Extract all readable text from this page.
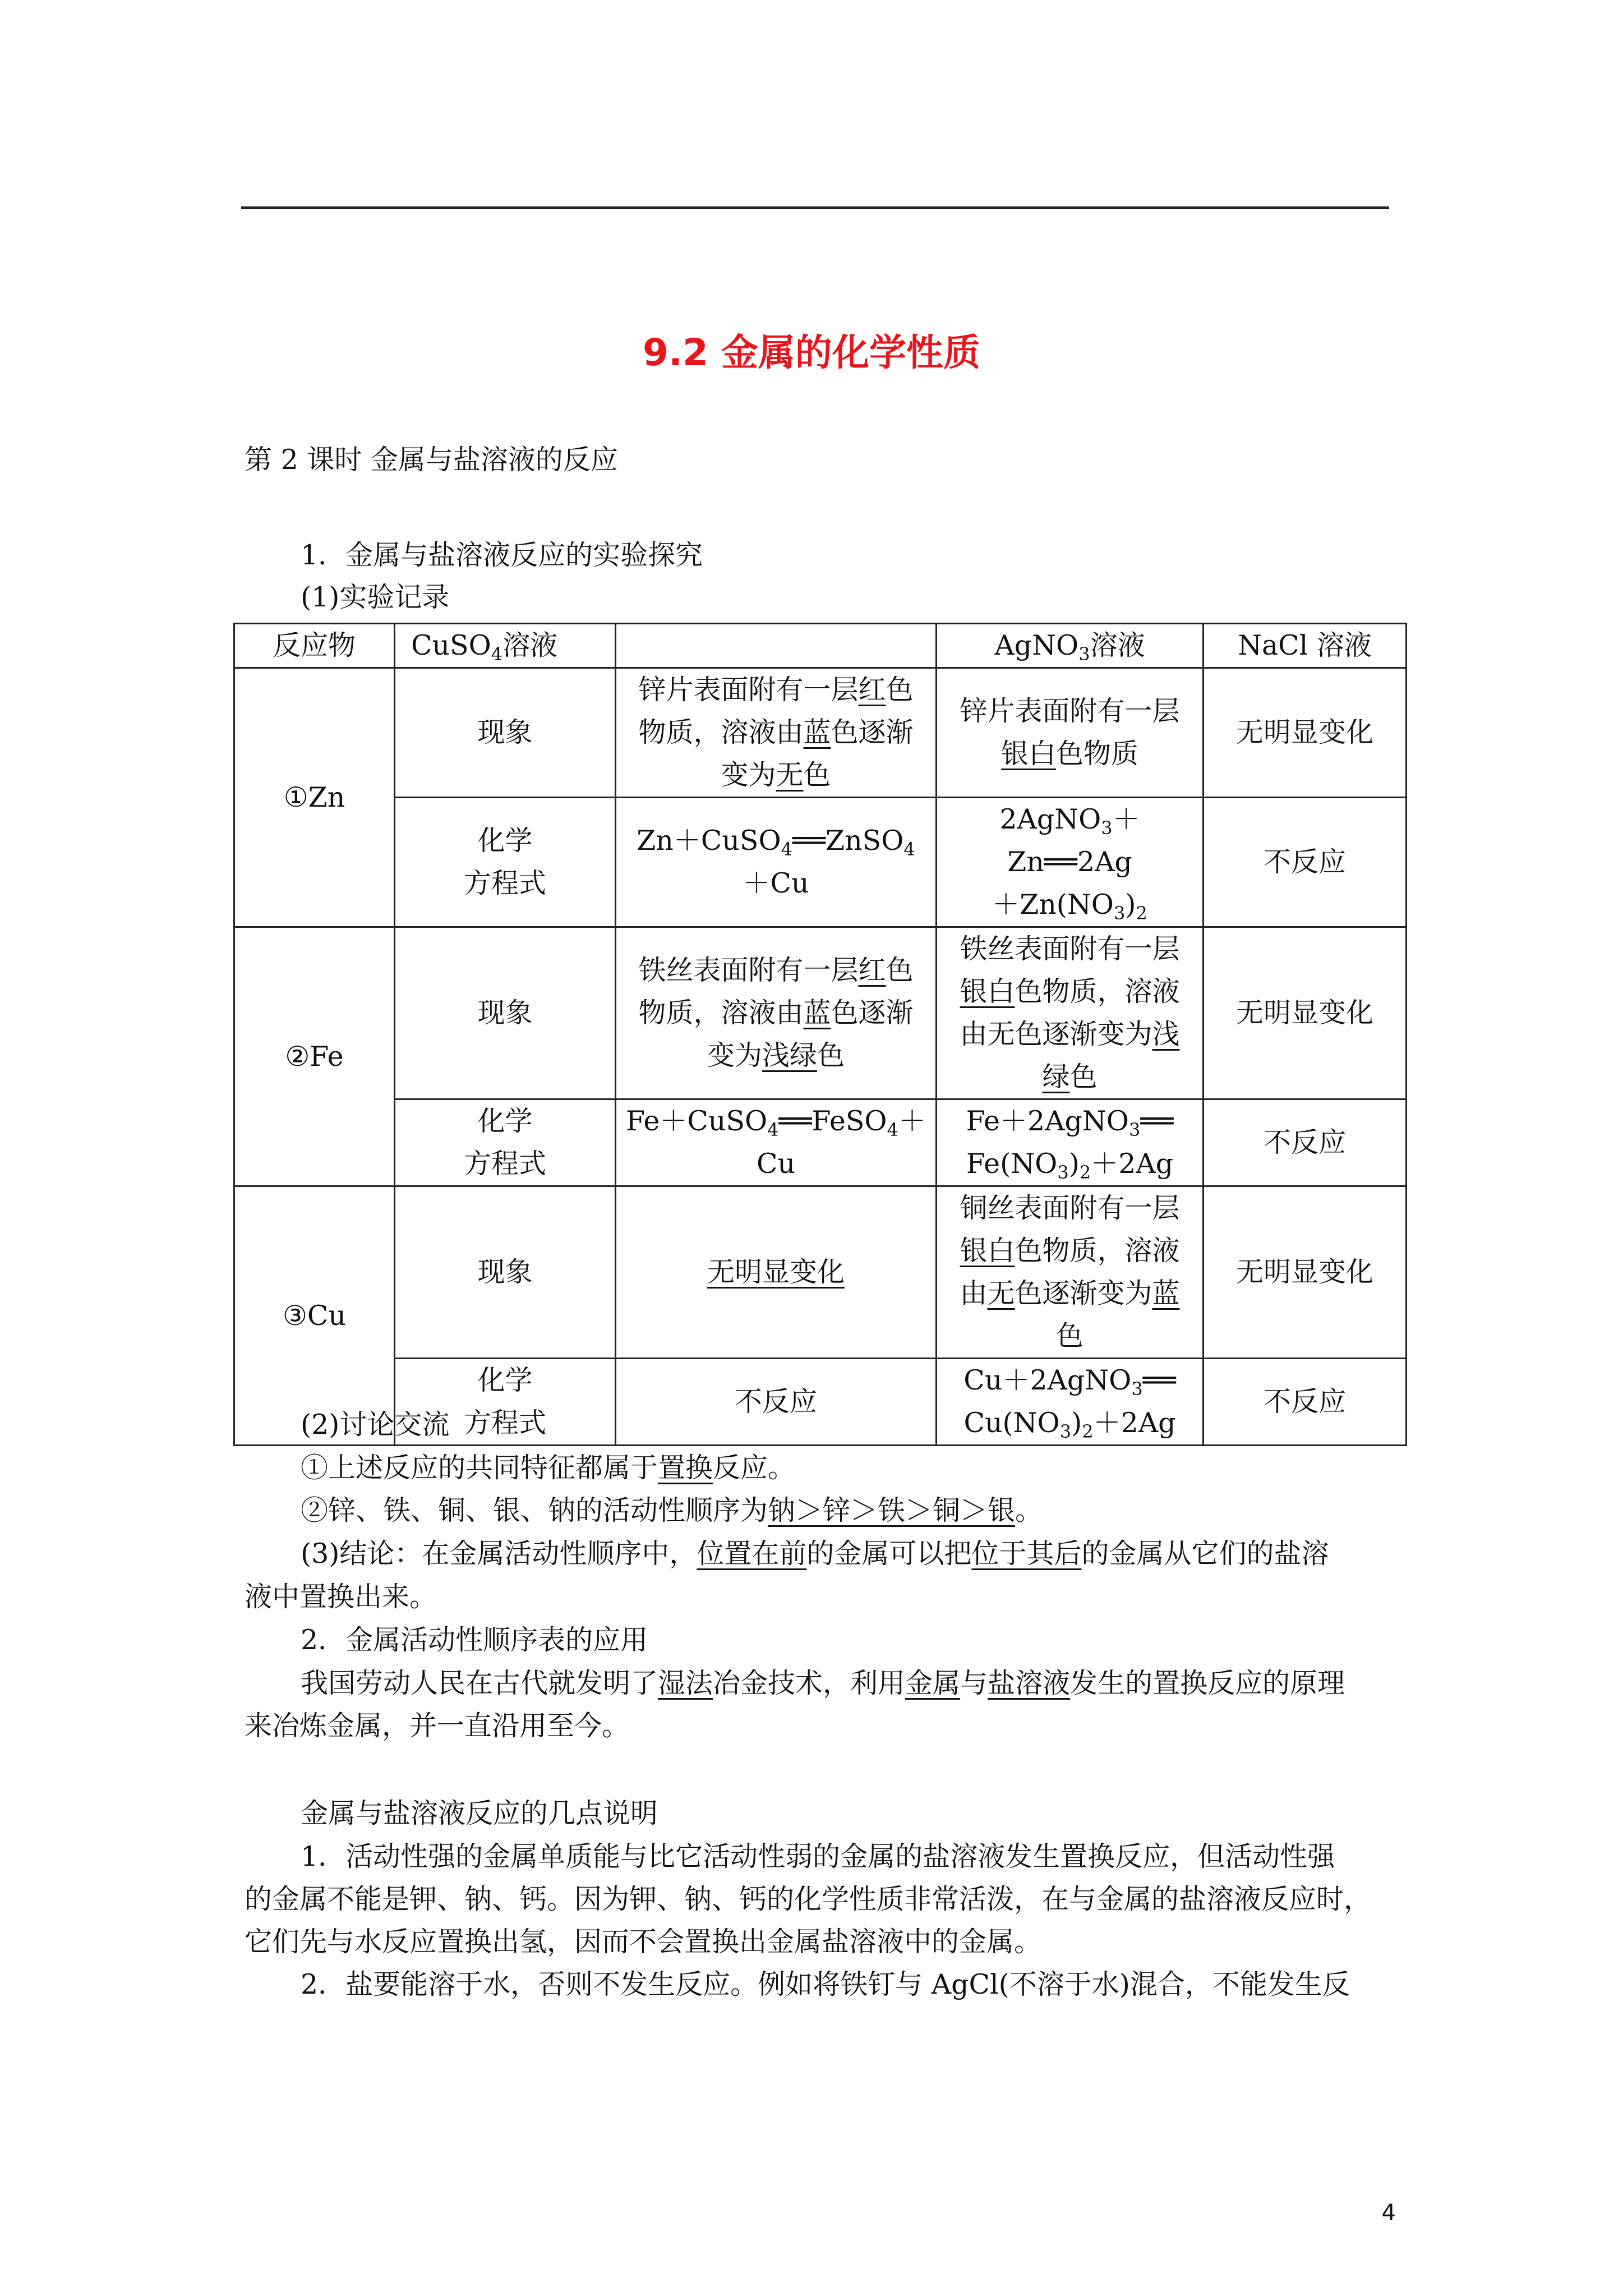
9.2 金属的化学性质
第 2 课时 金属与盐溶液的反应
1．金属与盐溶液反应的实验探究
(1)实验记录
反应物	CuSO$_4$溶液		AgNO$_3$溶液	NaCl 溶液
①Zn	现象	锌片表面附有一层红色
物质，溶液由蓝色逐渐
变为无色	锌片表面附有一层
银白色物质	无明显变化
	化学
方程式	Zn＋CuSO$_4$══ZnSO$_4$＋Cu	2AgNO$_3$＋Zn══2Ag
$+Zn(NO_3)_2$	不反应
②Fe	现象	铁丝表面附有一层红色
物质，溶液由蓝色逐渐
变为浅绿色	铁丝表面附有一层
银白色物质，溶液
由无色逐渐变为浅
绿色	无明显变化
	化学
方程式	Fe＋CuSO$_4$══FeSO$_4$＋Cu	Fe＋2AgNO$_3$══
$Fe(NO_3)_2+2Ag$	不反应
③Cu	现象	无明显变化	铜丝表面附有一层
银白色物质，溶液
由无色逐渐变为蓝
色	无明显变化
	化学
方程式	不反应	Cu＋2AgNO$_3$══
$Cu(NO_3)_2+2Ag$	不反应
(2)讨论交流
①上述反应的共同特征都属于置换反应。
②锌、铁、铜、银、钠的活动性顺序为钠＞锌＞铁＞铜＞银。
(3)结论：在金属活动性顺序中，位置在前的金属可以把位于其后的金属从它们的盐溶
液中置换出来。
2．金属活动性顺序表的应用
我国劳动人民在古代就发明了湿法冶金技术，利用金属与盐溶液发生的置换反应的原理
来冶炼金属，并一直沿用至今。
金属与盐溶液反应的几点说明
1．活动性强的金属单质能与比它活动性弱的金属的盐溶液发生置换反应，但活动性强
的金属不能是钾、钠、钙。因为钾、钠、钙的化学性质非常活泼，在与金属的盐溶液反应时，
它们先与水反应置换出氢，因而不会置换出金属盐溶液中的金属。
2．盐要能溶于水，否则不发生反应。例如将铁钉与 AgCl(不溶于水)混合，不能发生反
4
